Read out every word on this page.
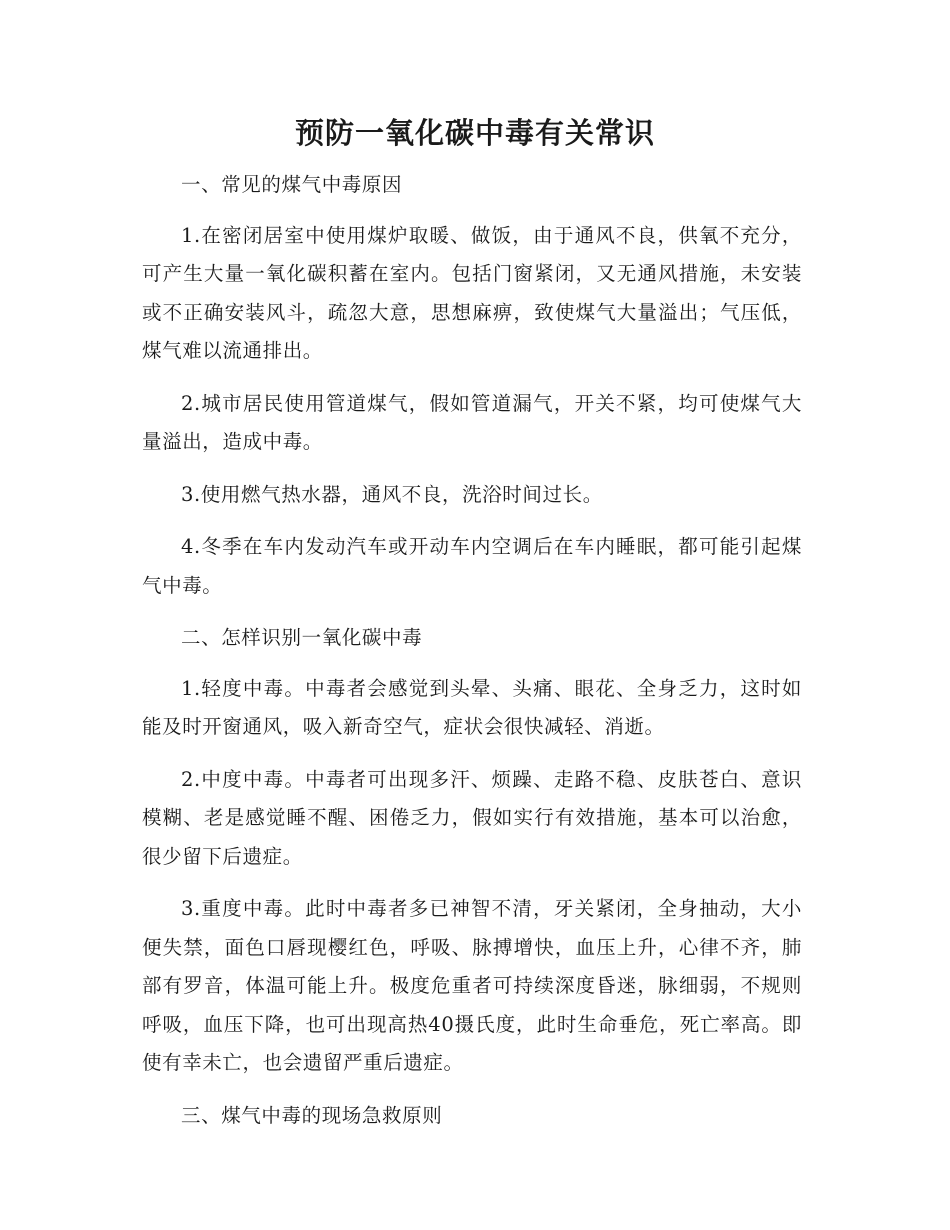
预防一氧化碳中毒有关常识

一、常见的煤气中毒原因

1.在密闭居室中使用煤炉取暖、做饭，由于通风不良，供氧不充分，可产生大量一氧化碳积蓄在室内。包括门窗紧闭，又无通风措施，未安装或不正确安装风斗，疏忽大意，思想麻痹，致使煤气大量溢出；气压低，煤气难以流通排出。

2.城市居民使用管道煤气，假如管道漏气，开关不紧，均可使煤气大量溢出，造成中毒。

3.使用燃气热水器，通风不良，洗浴时间过长。

4.冬季在车内发动汽车或开动车内空调后在车内睡眠，都可能引起煤气中毒。

二、怎样识别一氧化碳中毒

1.轻度中毒。中毒者会感觉到头晕、头痛、眼花、全身乏力，这时如能及时开窗通风，吸入新奇空气，症状会很快减轻、消逝。

2.中度中毒。中毒者可出现多汗、烦躁、走路不稳、皮肤苍白、意识模糊、老是感觉睡不醒、困倦乏力，假如实行有效措施，基本可以治愈，很少留下后遗症。

3.重度中毒。此时中毒者多已神智不清，牙关紧闭，全身抽动，大小便失禁，面色口唇现樱红色，呼吸、脉搏增快，血压上升，心律不齐，肺部有罗音，体温可能上升。极度危重者可持续深度昏迷，脉细弱，不规则呼吸，血压下降，也可出现高热40摄氏度，此时生命垂危，死亡率高。即使有幸未亡，也会遗留严重后遗症。

三、煤气中毒的现场急救原则
